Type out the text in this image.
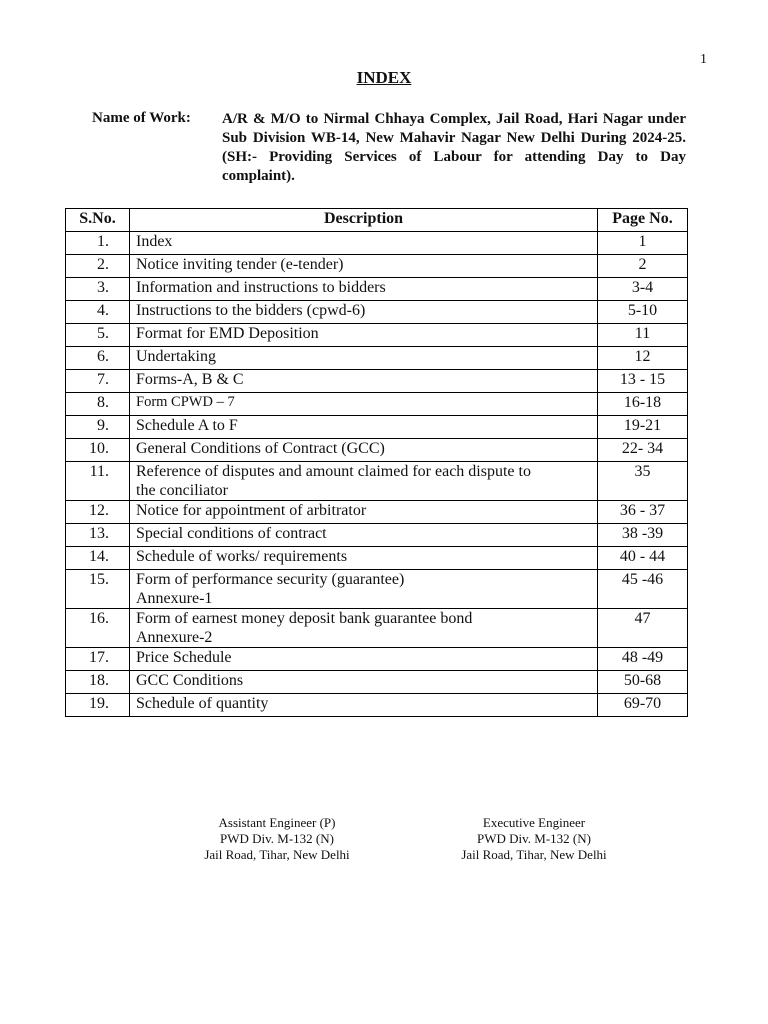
1
INDEX
Name of Work: A/R & M/O to Nirmal Chhaya Complex, Jail Road, Hari Nagar under Sub Division WB-14, New Mahavir Nagar New Delhi During 2024-25. (SH:- Providing Services of Labour for attending Day to Day complaint).
S.No.	Description	Page No.
1.	Index	1
2.	Notice inviting tender (e-tender)	2
3.	Information and instructions to bidders	3-4
4.	Instructions to the bidders (cpwd-6)	5-10
5.	Format for EMD Deposition	11
6.	Undertaking	12
7.	Forms-A, B & C	13 - 15
8.	Form CPWD – 7	16-18
9.	Schedule A to F	19-21
10.	General Conditions of Contract (GCC)	22- 34
11.	Reference of disputes and amount claimed for each dispute to
the conciliator	35
12.	Notice for appointment of arbitrator	36 - 37
13.	Special conditions of contract	38 -39
14.	Schedule of works/ requirements	40 - 44
15.	Form of performance security (guarantee)
Annexure-1	45 -46
16.	Form of earnest money deposit bank guarantee bond
Annexure-2	47
17.	Price Schedule	48 -49
18.	GCC Conditions	50-68
19.	Schedule of quantity	69-70
Assistant Engineer (P)
PWD Div. M-132 (N)
Jail Road, Tihar, New Delhi
Executive Engineer
PWD Div. M-132 (N)
Jail Road, Tihar, New Delhi
